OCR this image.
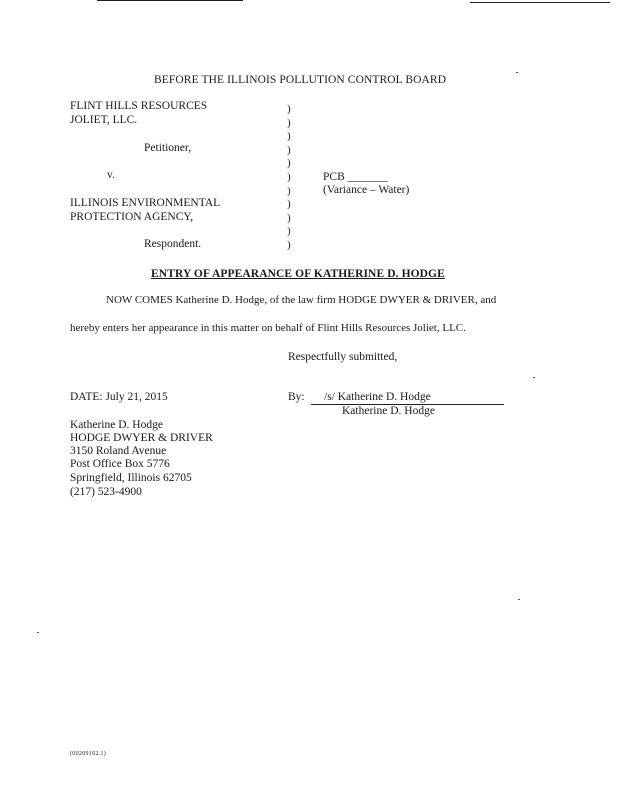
BEFORE THE ILLINOIS POLLUTION CONTROL BOARD
FLINT HILLS RESOURCES
JOLIET, LLC.
Petitioner,
v.
ILLINOIS ENVIRONMENTAL
PROTECTION AGENCY,
Respondent.
)
)
)
)
)
)
)
)
)
)
)
PCB _______
(Variance – Water)
ENTRY OF APPEARANCE OF KATHERINE D. HODGE
NOW COMES Katherine D. Hodge, of the law firm HODGE DWYER & DRIVER, and
hereby enters her appearance in this matter on behalf of Flint Hills Resources Joliet, LLC.
Respectfully submitted,
DATE: July 21, 2015	By: /s/ Katherine D. Hodge
Katherine D. Hodge
Katherine D. Hodge
HODGE DWYER & DRIVER
3150 Roland Avenue
Post Office Box 5776
Springfield, Illinois 62705
(217) 523-4900
(00209102.1)
